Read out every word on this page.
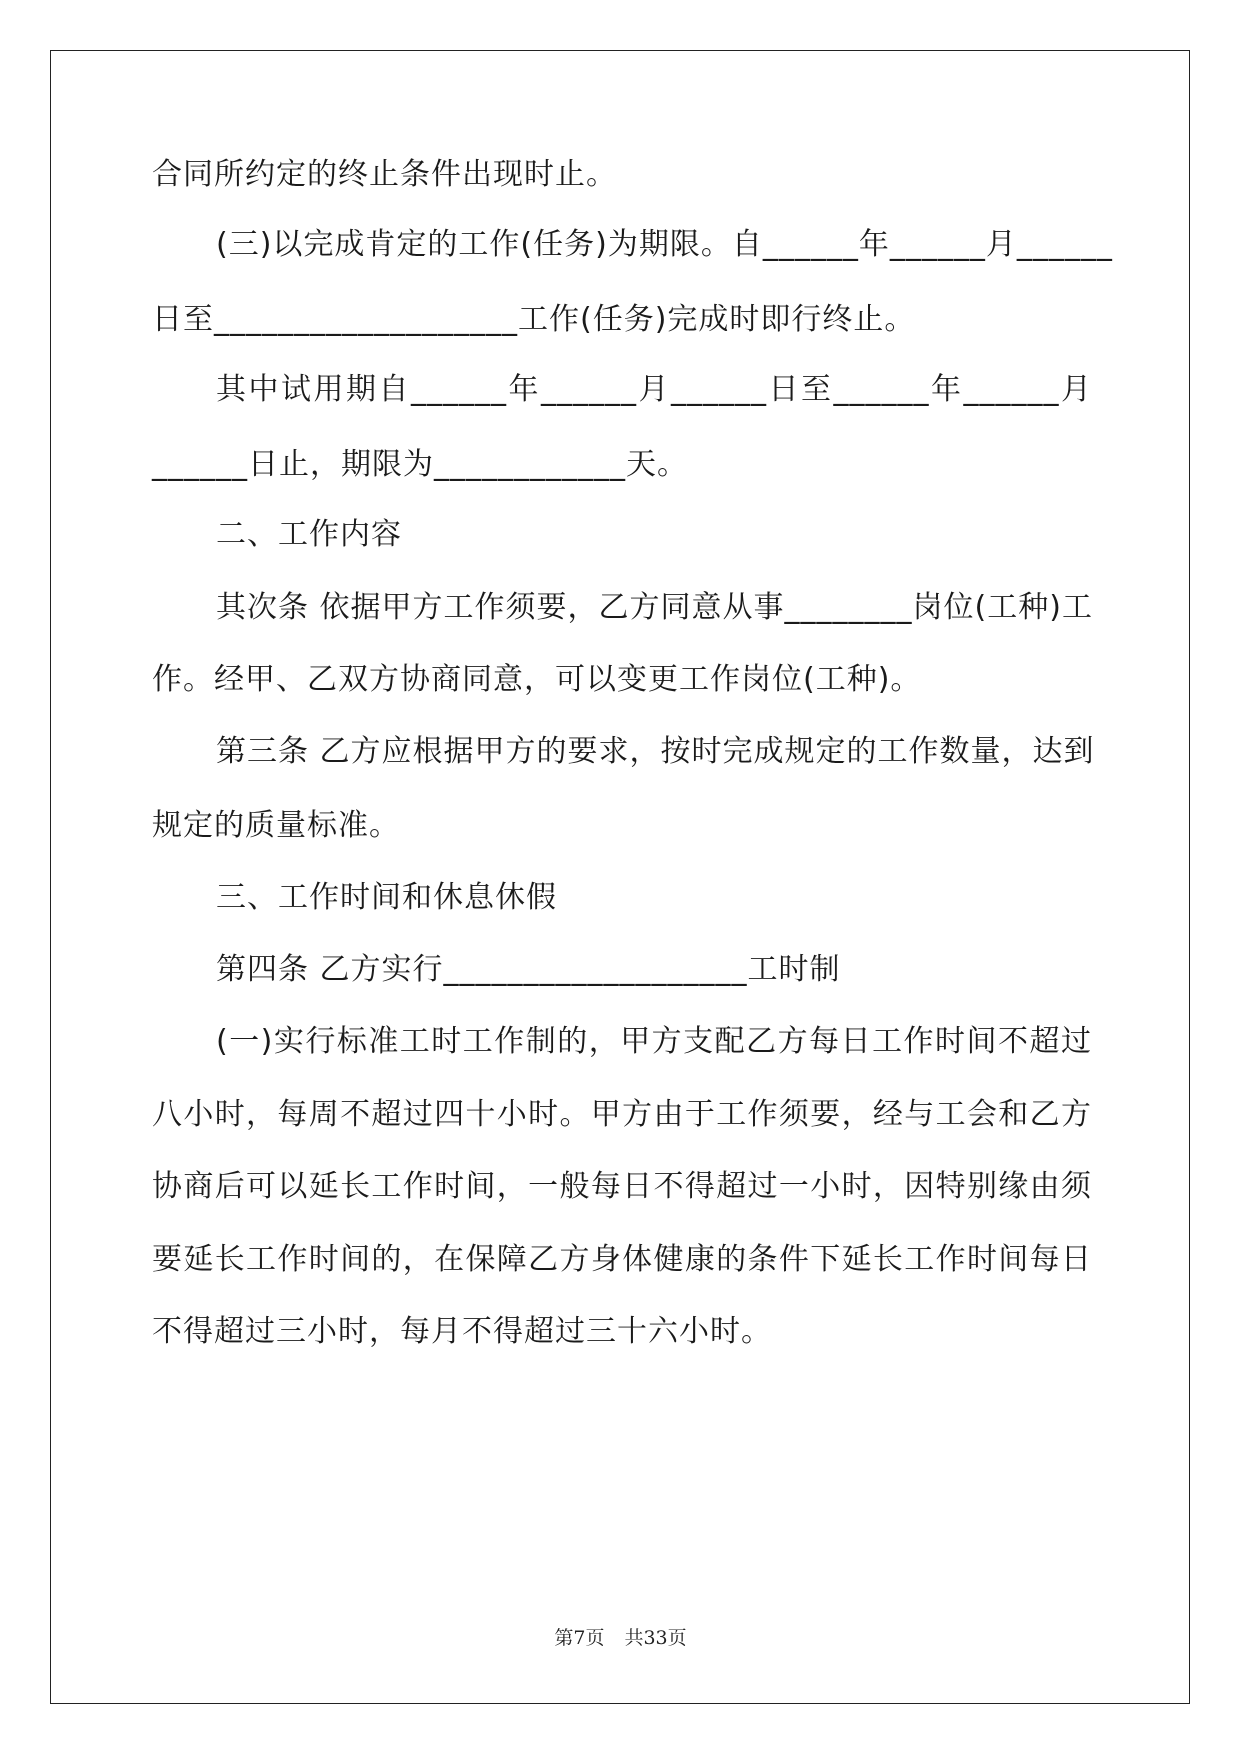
合同所约定的终止条件出现时止。
(三)以完成肯定的工作(任务)为期限。自______年______月______
日至___________________工作(任务)完成时即行终止。
其中试用期自______年______月______日至______年______月
______日止，期限为____________天。
二、工作内容
其次条 依据甲方工作须要，乙方同意从事________岗位(工种)工
作。经甲、乙双方协商同意，可以变更工作岗位(工种)。
第三条 乙方应根据甲方的要求，按时完成规定的工作数量，达到
规定的质量标准。
三、工作时间和休息休假
第四条 乙方实行___________________工时制
(一)实行标准工时工作制的，甲方支配乙方每日工作时间不超过
八小时，每周不超过四十小时。甲方由于工作须要，经与工会和乙方
协商后可以延长工作时间，一般每日不得超过一小时，因特别缘由须
要延长工作时间的，在保障乙方身体健康的条件下延长工作时间每日
不得超过三小时，每月不得超过三十六小时。
第7页 共33页
